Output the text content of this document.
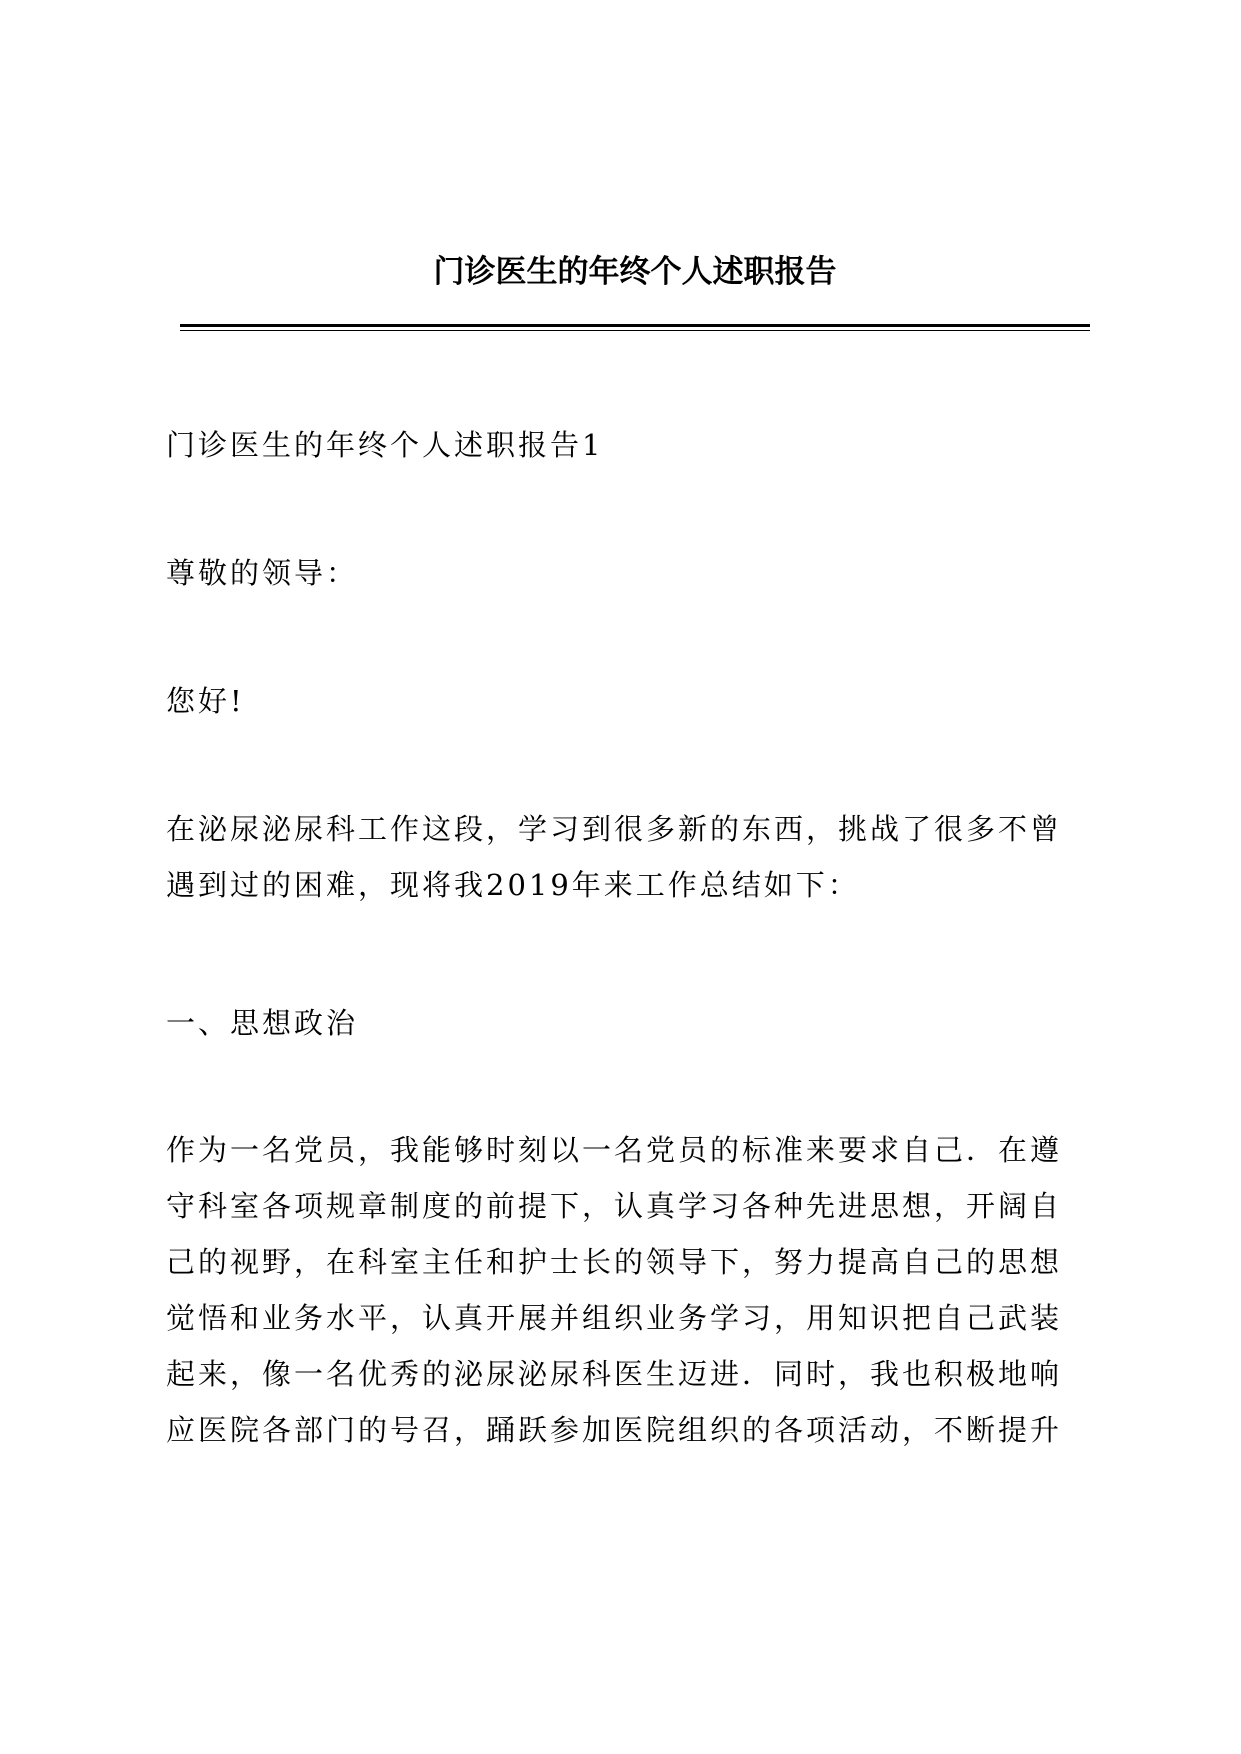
门诊医生的年终个人述职报告

门诊医生的年终个人述职报告1

尊敬的领导：

您好!

在泌尿泌尿科工作这段，学习到很多新的东西，挑战了很多不曾
遇到过的困难，现将我2019年来工作总结如下：

一、思想政治

作为一名党员，我能够时刻以一名党员的标准来要求自己．在遵
守科室各项规章制度的前提下，认真学习各种先进思想，开阔自
己的视野，在科室主任和护士长的领导下，努力提高自己的思想
觉悟和业务水平，认真开展并组织业务学习，用知识把自己武装
起来，像一名优秀的泌尿泌尿科医生迈进．同时，我也积极地响
应医院各部门的号召，踊跃参加医院组织的各项活动，不断提升
